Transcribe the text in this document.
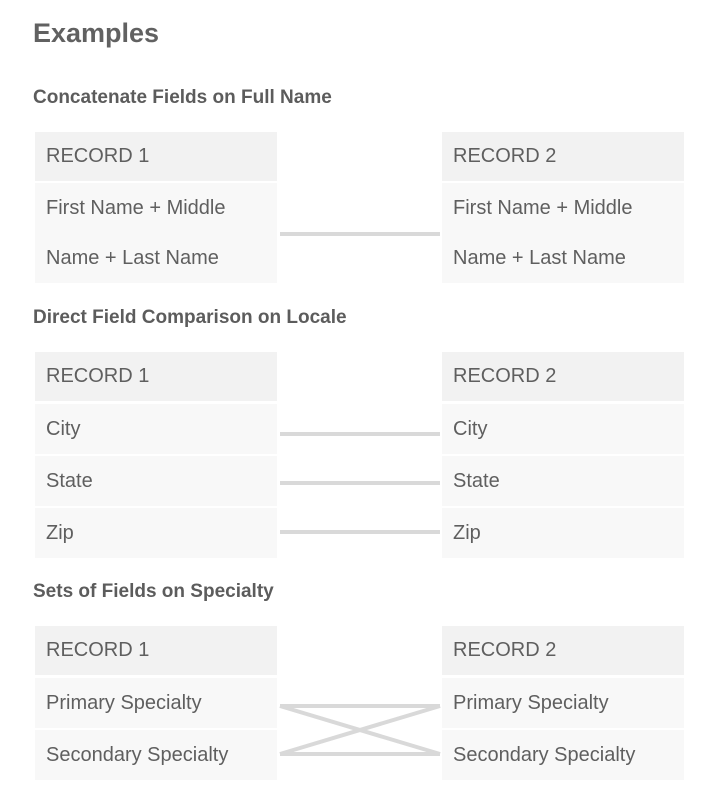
Examples
Concatenate Fields on Full Name
RECORD 1
First Name + Middle
Name + Last Name
RECORD 2
First Name + Middle
Name + Last Name
Direct Field Comparison on Locale
RECORD 1
City
State
Zip
RECORD 2
City
State
Zip
Sets of Fields on Specialty
RECORD 1
Primary Specialty
Secondary Specialty
RECORD 2
Primary Specialty
Secondary Specialty
